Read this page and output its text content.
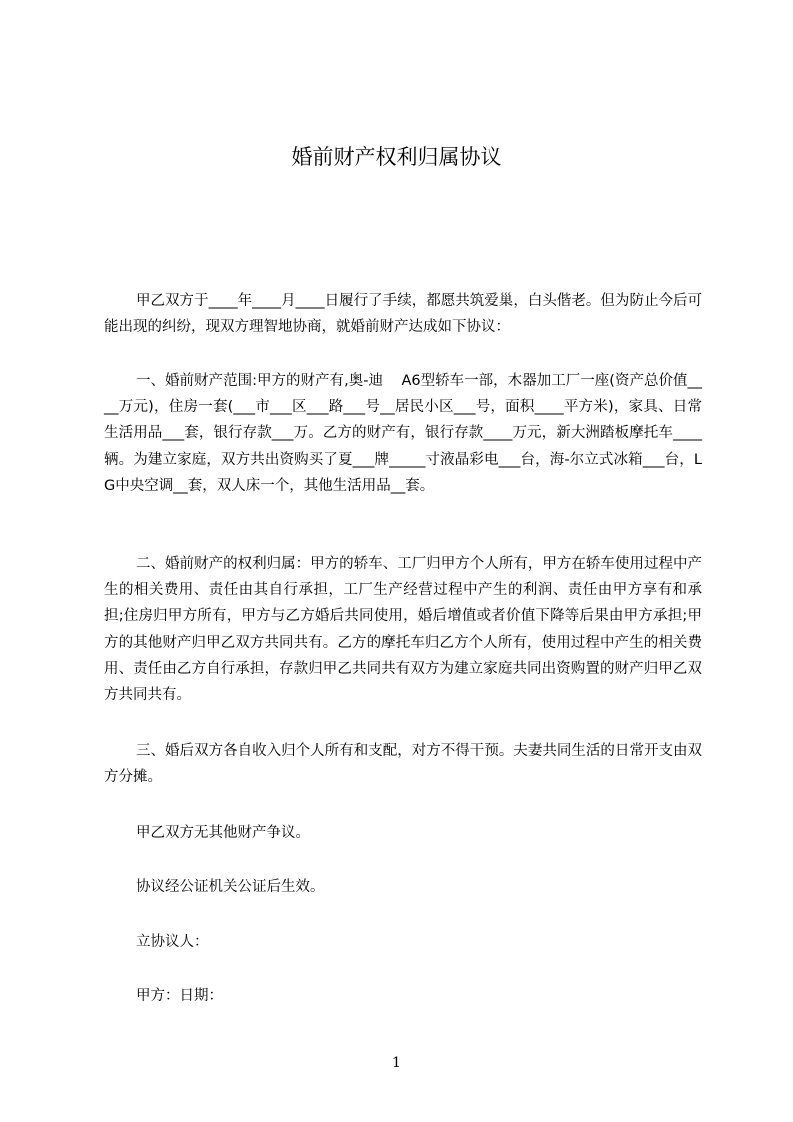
婚前财产权利归属协议

甲乙双方于____年____月____日履行了手续，都愿共筑爱巢，白头偕老。但为防止今后可能出现的纠纷，现双方理智地协商，就婚前财产达成如下协议：

一、婚前财产范围:甲方的财产有,奥-迪    A6型轿车一部，木器加工厂一座(资产总价值____万元)，住房一套(___市___区___路___号__居民小区___号，面积____平方米)，家具、日常生活用品___套，银行存款___万。乙方的财产有，银行存款____万元，新大洲踏板摩托车____辆。为建立家庭，双方共出资购买了夏___牌_____寸液晶彩电___台，海-尔立式冰箱___台，LG中央空调__套，双人床一个，其他生活用品__套。

二、婚前财产的权利归属：甲方的轿车、工厂归甲方个人所有，甲方在轿车使用过程中产生的相关费用、责任由其自行承担，工厂生产经营过程中产生的利润、责任由甲方享有和承担;住房归甲方所有，甲方与乙方婚后共同使用，婚后增值或者价值下降等后果由甲方承担;甲方的其他财产归甲乙双方共同共有。乙方的摩托车归乙方个人所有，使用过程中产生的相关费用、责任由乙方自行承担，存款归甲乙共同共有双方为建立家庭共同出资购置的财产归甲乙双方共同共有。

三、婚后双方各自收入归个人所有和支配，对方不得干预。夫妻共同生活的日常开支由双方分摊。

甲乙双方无其他财产争议。

协议经公证机关公证后生效。

立协议人：

甲方：日期：

1
